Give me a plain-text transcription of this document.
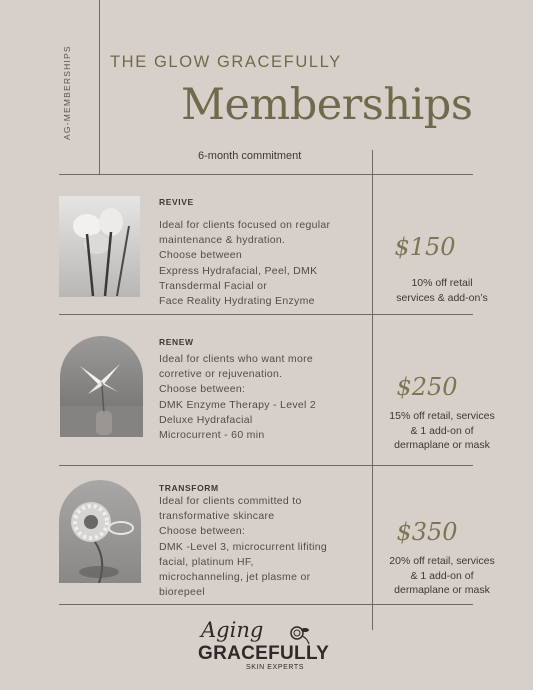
AG-MEMBERSHIPS THE GLOW GRACEFULLY
Memberships
6-month commitment
REVIVE
Ideal for clients focused on regular
maintenance & hydration.
Choose between
Express Hydrafacial, Peel, DMK
Transdermal Facial or
Face Reality Hydrating Enzyme
$150
10% off retail
services & add-on’s
RENEW
Ideal for clients who want more
corretive or rejuvenation.
Choose between:
DMK Enzyme Therapy - Level 2
Deluxe Hydrafacial
Microcurrent - 60 min
$250
15% off retail, services
& 1 add-on of
dermaplane or mask
TRANSFORM
Ideal for clients committed to
transformative skincare
Choose between:
DMK -Level 3, microcurrent lifiting
facial, platinum HF,
microchanneling, jet plasme or
biorepeel
$350
20% off retail, services
& 1 add-on of
dermaplane or mask
Aging
GRACEFULLY
SKIN EXPERTS
